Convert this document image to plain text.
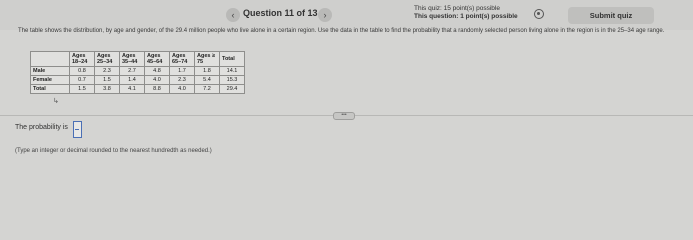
‹ Question 11 of 13 ›
This quiz: 15 point(s) possible
This question: 1 point(s) possible	Submit quiz
The table shows the distribution, by age and gender, of the 29.4 million people who live alone in a certain region. Use the data in the table to find the probability that a randomly selected person living alone in the region is in the 25–34 age range.
	Ages 18–24	Ages 25–34	Ages 35–44	Ages 45–64	Ages 65–74	Ages ≥ 75	Total
Male	0.8	2.3	2.7	4.8	1.7	1.8	14.1
Female	0.7	1.5	1.4	4.0	2.3	5.4	15.3
Total	1.5	3.8	4.1	8.8	4.0	7.2	29.4
↳
•••
The probability is
(Type an integer or decimal rounded to the nearest hundredth as needed.)
